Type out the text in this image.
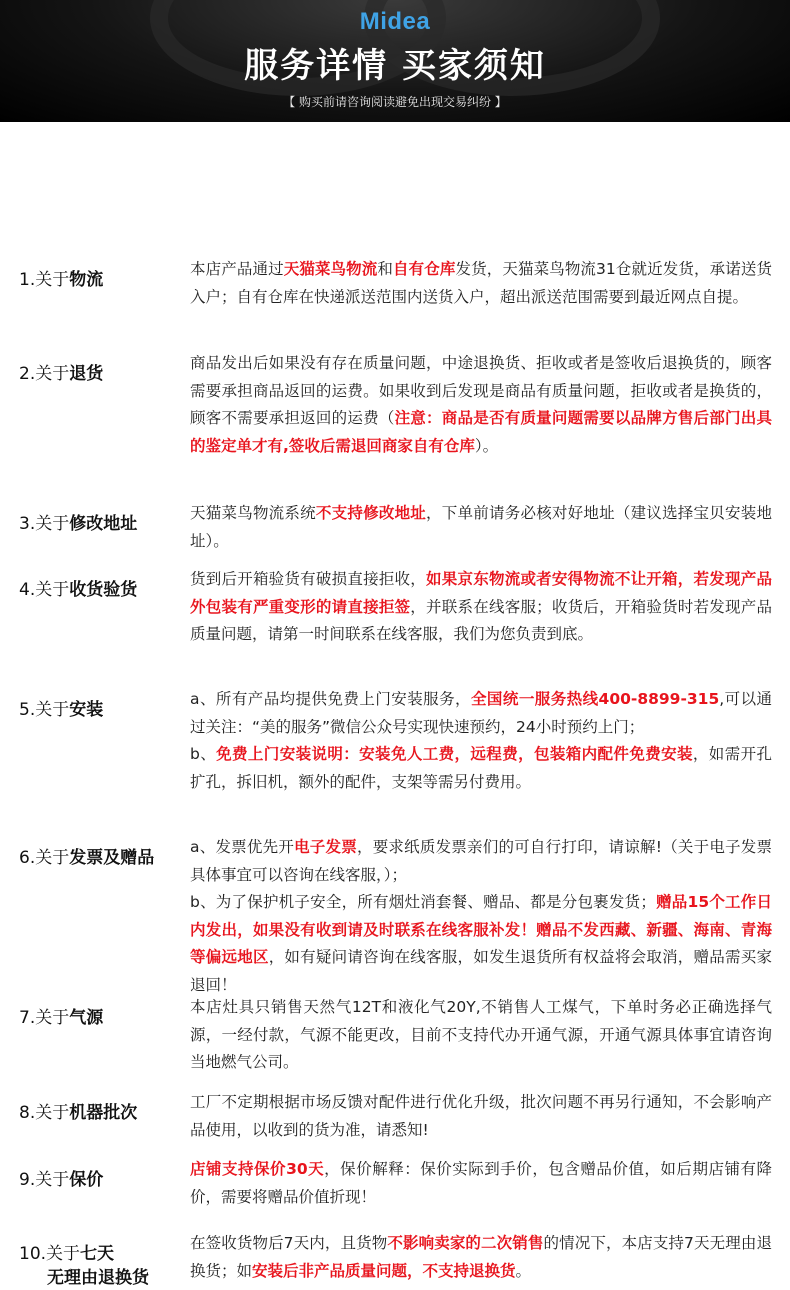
Midea
服务详情 买家须知
【 购买前请咨询阅读避免出现交易纠纷 】
1.关于物流

本店产品通过天猫菜鸟物流和自有仓库发货，天猫菜鸟物流31仓就近发货，承诺送货入户；自有仓库在快递派送范围内送货入户，超出派送范围需要到最近网点自提。

2.关于退货

商品发出后如果没有存在质量问题，中途退换货、拒收或者是签收后退换货的，顾客需要承担商品返回的运费。如果收到后发现是商品有质量问题，拒收或者是换货的，顾客不需要承担返回的运费（注意：商品是否有质量问题需要以品牌方售后部门出具的鉴定单才有,签收后需退回商家自有仓库）。

3.关于修改地址

天猫菜鸟物流系统不支持修改地址，下单前请务必核对好地址（建议选择宝贝安装地址）。

4.关于收货验货

货到后开箱验货有破损直接拒收，如果京东物流或者安得物流不让开箱，若发现产品外包装有严重变形的请直接拒签，并联系在线客服；收货后，开箱验货时若发现产品质量问题，请第一时间联系在线客服，我们为您负责到底。

5.关于安装

a、所有产品均提供免费上门安装服务，全国统一服务热线400-8899-315,可以通过关注：“美的服务”微信公众号实现快速预约，24小时预约上门；

b、免费上门安装说明：安装免人工费，远程费，包装箱内配件免费安装，如需开孔扩孔，拆旧机，额外的配件，支架等需另付费用。

6.关于发票及赠品

a、发票优先开电子发票，要求纸质发票亲们的可自行打印，请谅解!（关于电子发票具体事宜可以咨询在线客服，）；

b、为了保护机子安全，所有烟灶消套餐、赠品、都是分包裹发货；赠品15个工作日内发出，如果没有收到请及时联系在线客服补发！赠品不发西藏、新疆、海南、青海等偏远地区，如有疑问请咨询在线客服，如发生退货所有权益将会取消，赠品需买家退回！

7.关于气源

本店灶具只销售天然气12T和液化气20Y,不销售人工煤气，下单时务必正确选择气源，一经付款，气源不能更改，目前不支持代办开通气源，开通气源具体事宜请咨询当地燃气公司。

8.关于机器批次

工厂不定期根据市场反馈对配件进行优化升级，批次问题不再另行通知，不会影响产品使用，以收到的货为准，请悉知!

9.关于保价

店铺支持保价30天，保价解释：保价实际到手价，包含赠品价值，如后期店铺有降价，需要将赠品价值折现！

10.关于七天
无理由退换货

在签收货物后7天内，且货物不影响卖家的二次销售的情况下，本店支持7天无理由退换货；如安装后非产品质量问题，不支持退换货。
